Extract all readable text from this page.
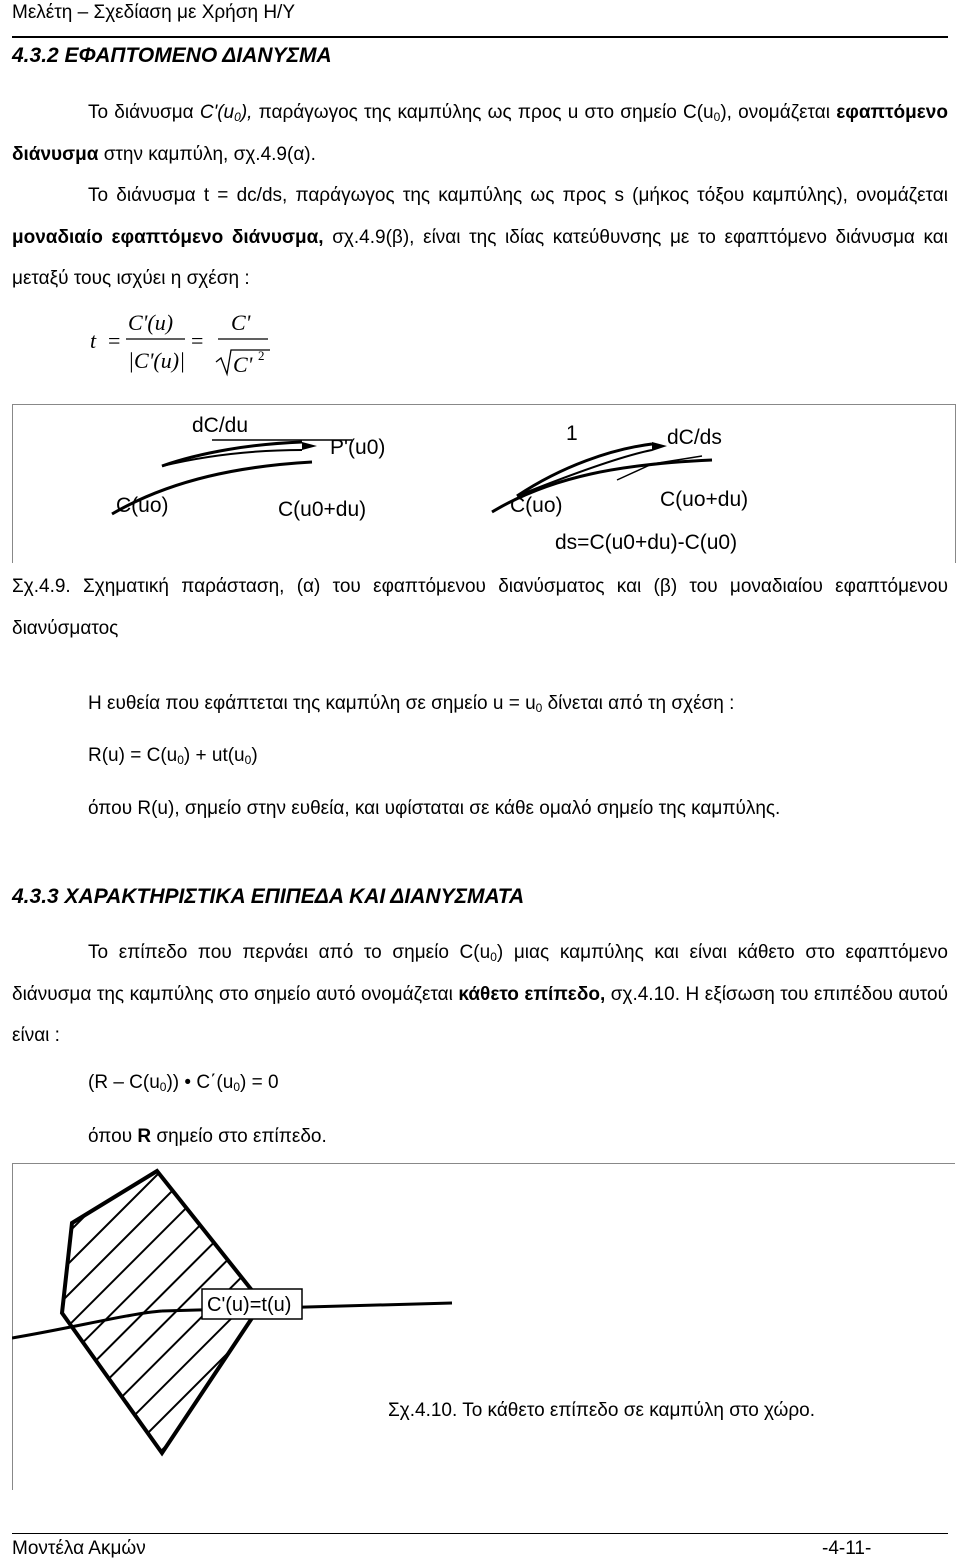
Μελέτη – Σχεδίαση με Χρήση Η/Υ
4.3.2 ΕΦΑΠΤΟΜΕΝΟ ΔΙΑΝΥΣΜΑ
Το διάνυσμα $C'(u_0)$, παράγωγος της καμπύλης ως προς u στο σημείο $C(u_0)$, ονομάζεται εφαπτόμενο διάνυσμα στην καμπύλη, σχ.4.9(α).
Το διάνυσμα t = dc/ds, παράγωγος της καμπύλης ως προς s (μήκος τόξου καμπύλης), ονομάζεται μοναδιαίο εφαπτόμενο διάνυσμα, σχ.4.9(β), είναι της ιδίας κατεύθυνσης με το εφαπτόμενο διάνυσμα και μεταξύ τους ισχύει η σχέση :
t =
C'(u)
|C'(u)|
=
C'
C' 2
dC/du
P'(u0)
C(uo)	C(u0+du)
1	dC/ds
C(uo)	C(uo+du)
ds=C(u0+du)-C(u0)
Σχ.4.9. Σχηματική παράσταση, (α) του εφαπτόμενου διανύσματος και (β) του μοναδιαίου εφαπτόμενου διανύσματος
Η ευθεία που εφάπτεται της καμπύλη σε σημείο $u = u_0$ δίνεται από τη σχέση :
$R(u) = C(u_0) + ut(u_0)$
όπου R(u), σημείο στην ευθεία, και υφίσταται σε κάθε ομαλό σημείο της καμπύλης.
4.3.3 ΧΑΡΑΚΤΗΡΙΣΤΙΚΑ ΕΠΙΠΕΔΑ ΚΑΙ ΔΙΑΝΥΣΜΑΤΑ
Το επίπεδο που περνάει από το σημείο $C(u_0)$ μιας καμπύλης και είναι κάθετο στο εφαπτόμενο διάνυσμα της καμπύλης στο σημείο αυτό ονομάζεται κάθετο επίπεδο, σχ.4.10. Η εξίσωση του επιπέδου αυτού είναι :
$(R - C(u_0))$ • $C΄(u_0) = 0$
όπου R σημείο στο επίπεδο.
C'(u)=t(u)
Σχ.4.10. Το κάθετο επίπεδο σε καμπύλη στο χώρο.
Μοντέλα Ακμών	-4-11-
